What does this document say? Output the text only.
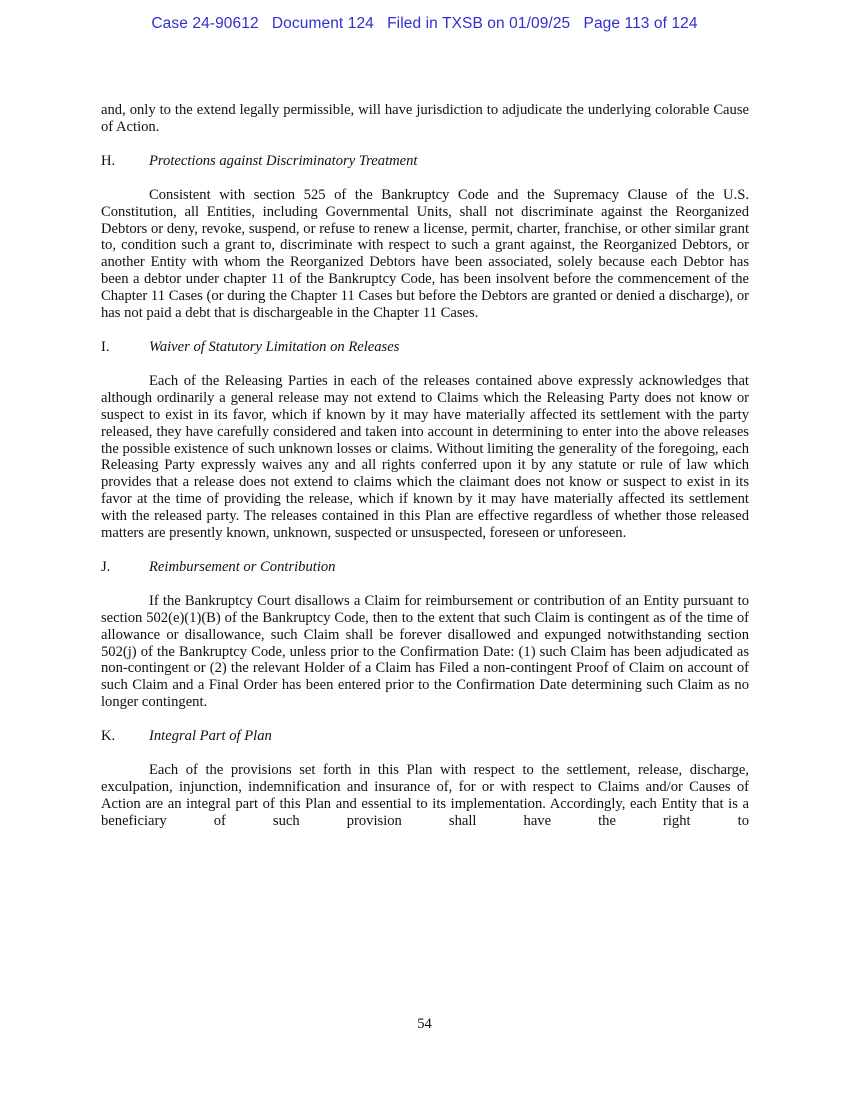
Case 24-90612   Document 124   Filed in TXSB on 01/09/25   Page 113 of 124

and, only to the extend legally permissible, will have jurisdiction to adjudicate the underlying colorable Cause of Action.

H.	Protections against Discriminatory Treatment

Consistent with section 525 of the Bankruptcy Code and the Supremacy Clause of the U.S. Constitution, all Entities, including Governmental Units, shall not discriminate against the Reorganized Debtors or deny, revoke, suspend, or refuse to renew a license, permit, charter, franchise, or other similar grant to, condition such a grant to, discriminate with respect to such a grant against, the Reorganized Debtors, or another Entity with whom the Reorganized Debtors have been associated, solely because each Debtor has been a debtor under chapter 11 of the Bankruptcy Code, has been insolvent before the commencement of the Chapter 11 Cases (or during the Chapter 11 Cases but before the Debtors are granted or denied a discharge), or has not paid a debt that is dischargeable in the Chapter 11 Cases.

I.	Waiver of Statutory Limitation on Releases

Each of the Releasing Parties in each of the releases contained above expressly acknowledges that although ordinarily a general release may not extend to Claims which the Releasing Party does not know or suspect to exist in its favor, which if known by it may have materially affected its settlement with the party released, they have carefully considered and taken into account in determining to enter into the above releases the possible existence of such unknown losses or claims. Without limiting the generality of the foregoing, each Releasing Party expressly waives any and all rights conferred upon it by any statute or rule of law which provides that a release does not extend to claims which the claimant does not know or suspect to exist in its favor at the time of providing the release, which if known by it may have materially affected its settlement with the released party. The releases contained in this Plan are effective regardless of whether those released matters are presently known, unknown, suspected or unsuspected, foreseen or unforeseen.

J.	Reimbursement or Contribution

If the Bankruptcy Court disallows a Claim for reimbursement or contribution of an Entity pursuant to section 502(e)(1)(B) of the Bankruptcy Code, then to the extent that such Claim is contingent as of the time of allowance or disallowance, such Claim shall be forever disallowed and expunged notwithstanding section 502(j) of the Bankruptcy Code, unless prior to the Confirmation Date: (1) such Claim has been adjudicated as non-contingent or (2) the relevant Holder of a Claim has Filed a non-contingent Proof of Claim on account of such Claim and a Final Order has been entered prior to the Confirmation Date determining such Claim as no longer contingent.

K.	Integral Part of Plan

Each of the provisions set forth in this Plan with respect to the settlement, release, discharge, exculpation, injunction, indemnification and insurance of, for or with respect to Claims and/or Causes of Action are an integral part of this Plan and essential to its implementation. Accordingly, each Entity that is a beneficiary of such provision shall have the right to

54
